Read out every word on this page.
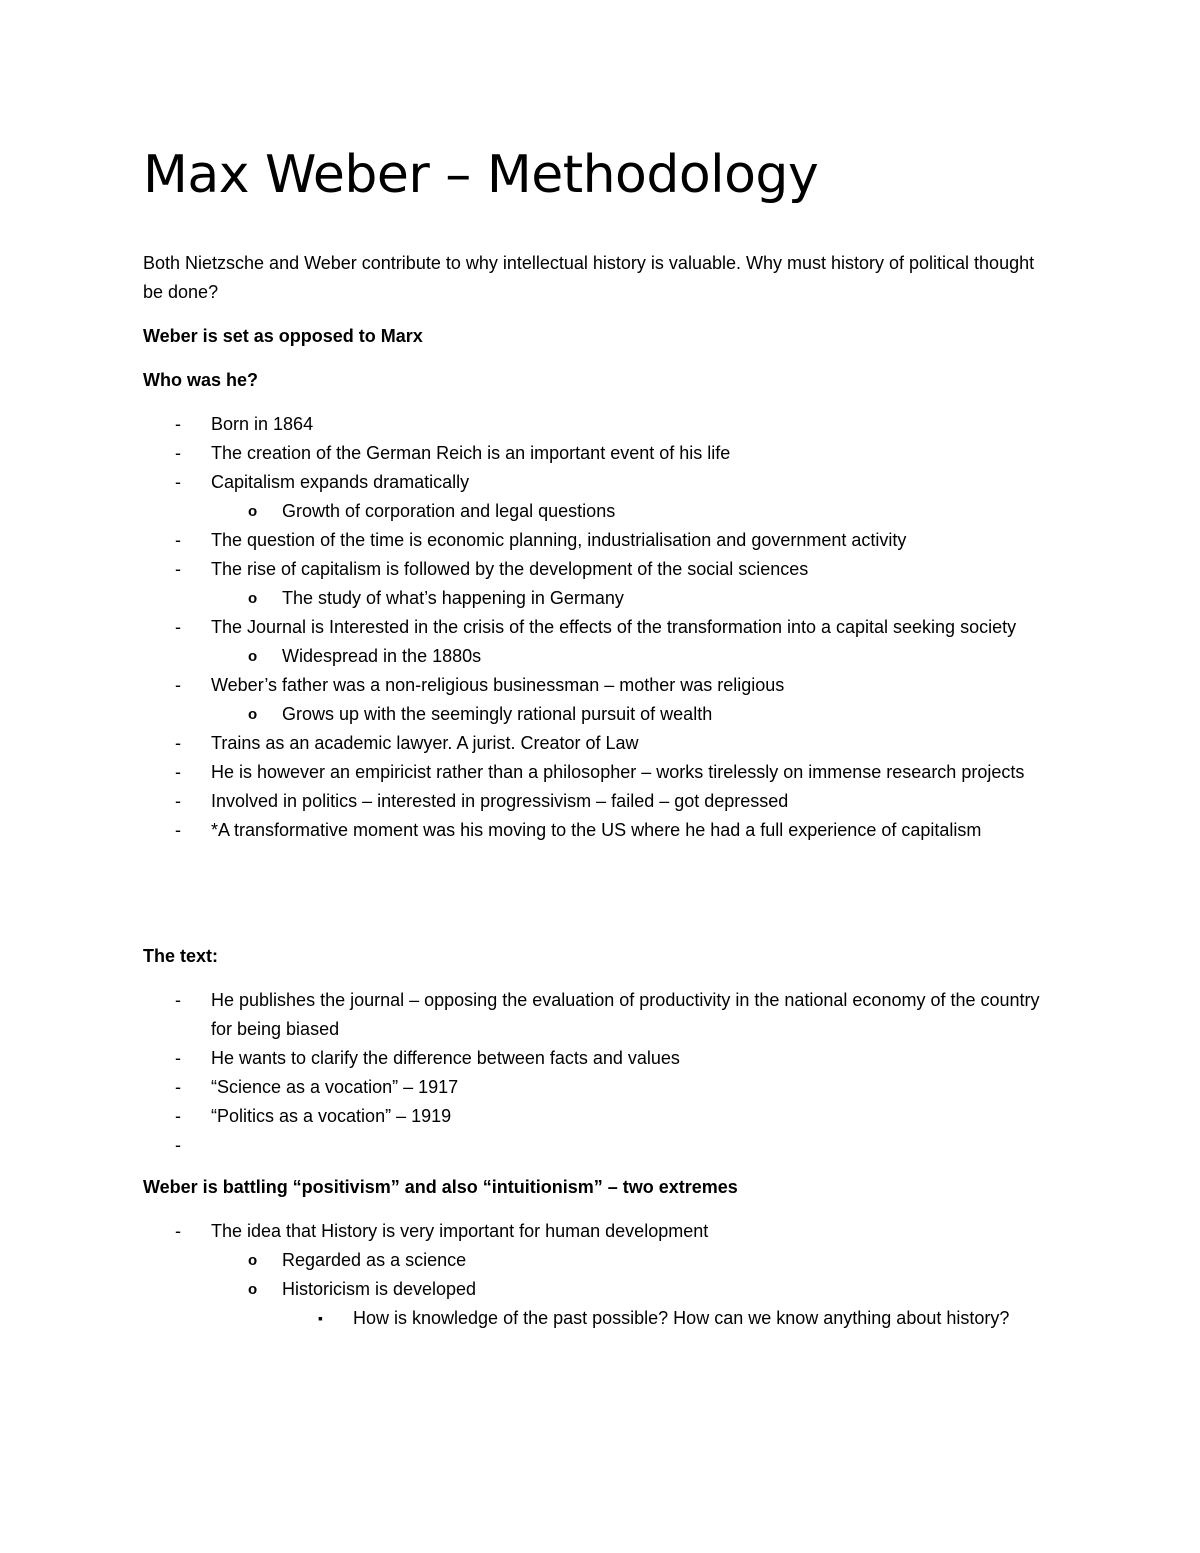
Max Weber – Methodology

Both Nietzsche and Weber contribute to why intellectual history is valuable. Why must history of political thought be done?

Weber is set as opposed to Marx

Who was he?

- Born in 1864
- The creation of the German Reich is an important event of his life
- Capitalism expands dramatically
o Growth of corporation and legal questions
- The question of the time is economic planning, industrialisation and government activity
- The rise of capitalism is followed by the development of the social sciences
o The study of what’s happening in Germany
- The Journal is Interested in the crisis of the effects of the transformation into a capital seeking society
o Widespread in the 1880s
- Weber’s father was a non-religious businessman – mother was religious
o Grows up with the seemingly rational pursuit of wealth
- Trains as an academic lawyer. A jurist. Creator of Law
- He is however an empiricist rather than a philosopher – works tirelessly on immense research projects
- Involved in politics – interested in progressivism – failed – got depressed
- *A transformative moment was his moving to the US where he had a full experience of capitalism

The text:

- He publishes the journal – opposing the evaluation of productivity in the national economy of the country for being biased
- He wants to clarify the difference between facts and values
- “Science as a vocation” – 1917
- “Politics as a vocation” – 1919
-

Weber is battling “positivism” and also “intuitionism” – two extremes

- The idea that History is very important for human development
o Regarded as a science
o Historicism is developed
▪ How is knowledge of the past possible? How can we know anything about history?
